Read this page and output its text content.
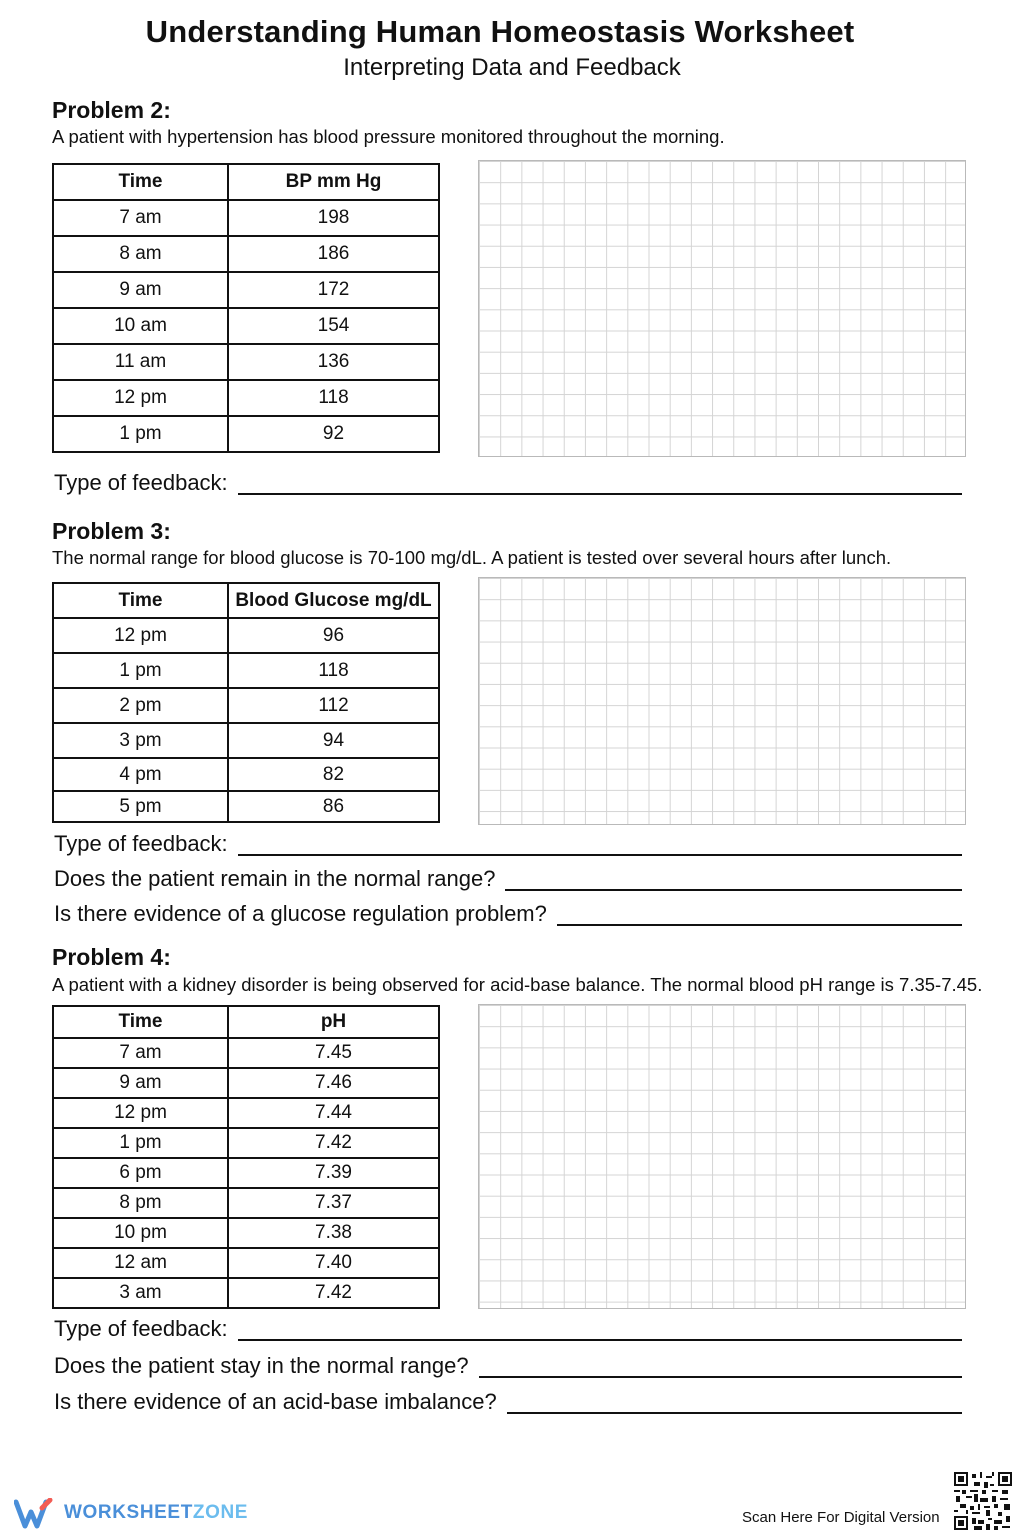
Understanding Human Homeostasis Worksheet
Interpreting Data and Feedback
Problem 2:
A patient with hypertension has blood pressure monitored throughout the morning.
Time	BP mm Hg
7 am	198
8 am	186
9 am	172
10 am	154
11 am	136
12 pm	118
1 pm	92
Type of feedback:
Problem 3:
The normal range for blood glucose is 70-100 mg/dL. A patient is tested over several hours after lunch.
Time	Blood Glucose mg/dL
12 pm	96
1 pm	118
2 pm	112
3 pm	94
4 pm	82
5 pm	86
Type of feedback:
Does the patient remain in the normal range?
Is there evidence of a glucose regulation problem?
Problem 4:
A patient with a kidney disorder is being observed for acid-base balance. The normal blood pH range is 7.35-7.45.
Time	pH
7 am	7.45
9 am	7.46
12 pm	7.44
1 pm	7.42
6 pm	7.39
8 pm	7.37
10 pm	7.38
12 am	7.40
3 am	7.42
Type of feedback:
Does the patient stay in the normal range?
Is there evidence of an acid-base imbalance?
WORKSHEETZONE	Scan Here For Digital Version
